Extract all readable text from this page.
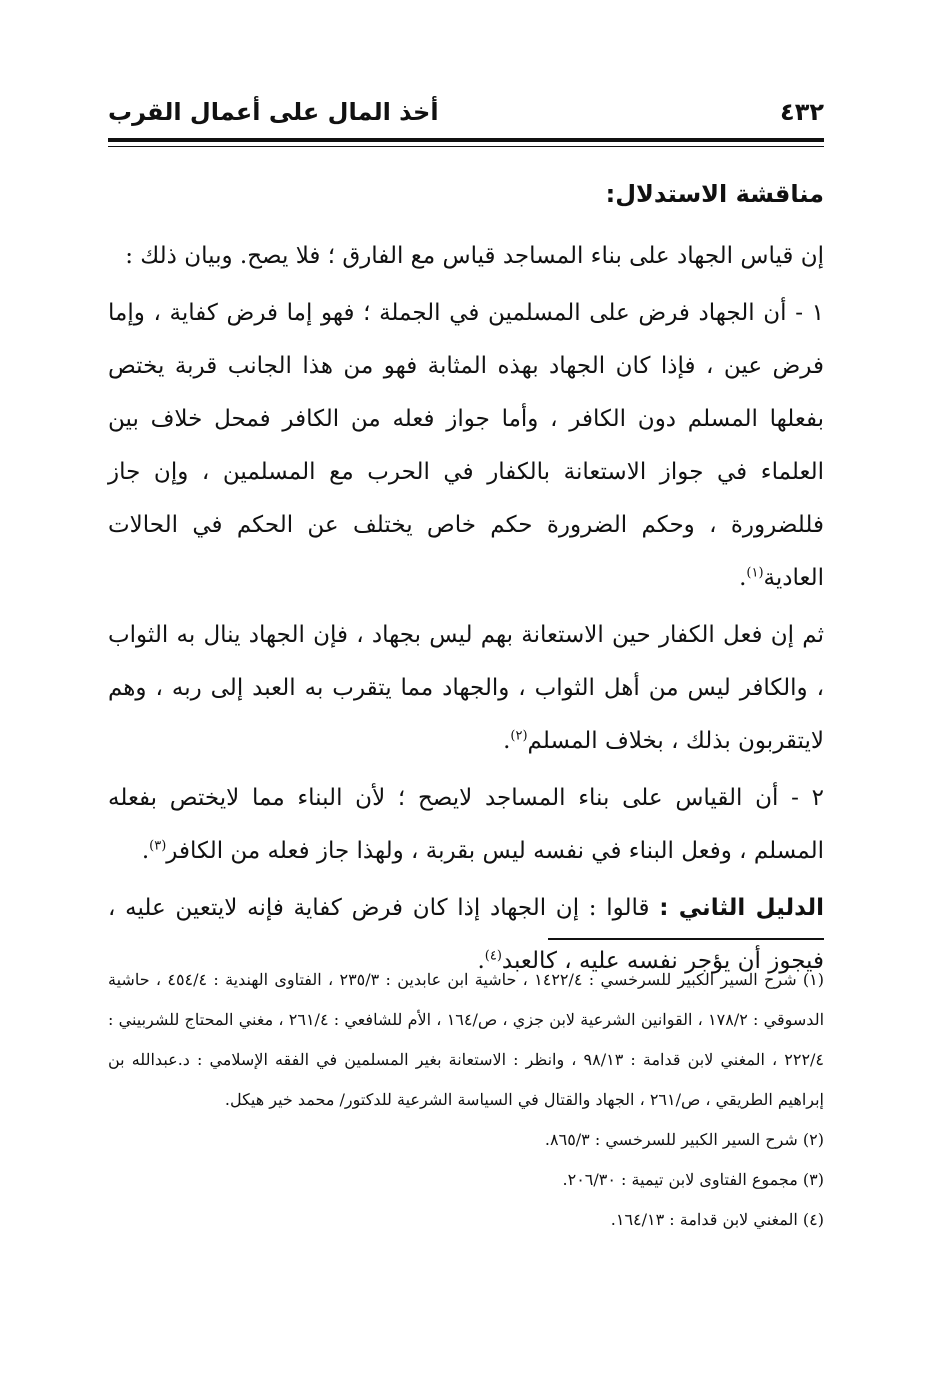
٤٣٢
أخذ المال على أعمال القرب
مناقشة الاستدلال:

إن قياس الجهاد على بناء المساجد قياس مع الفارق ؛ فلا يصح. وبيان ذلك :

١ - أن الجهاد فرض على المسلمين في الجملة ؛ فهو إما فرض كفاية ، وإما فرض عين ، فإذا كان الجهاد بهذه المثابة فهو من هذا الجانب قربة يختص بفعلها المسلم دون الكافر ، وأما جواز فعله من الكافر فمحل خلاف بين العلماء في جواز الاستعانة بالكفار في الحرب مع المسلمين ، وإن جاز فللضرورة ، وحكم الضرورة حكم خاص يختلف عن الحكم في الحالات العادية$^{(١)}$.

ثم إن فعل الكفار حين الاستعانة بهم ليس بجهاد ، فإن الجهاد ينال به الثواب ، والكافر ليس من أهل الثواب ، والجهاد مما يتقرب به العبد إلى ربه ، وهم لايتقربون بذلك ، بخلاف المسلم$^{(٢)}$.

٢ - أن القياس على بناء المساجد لايصح ؛ لأن البناء مما لايختص بفعله المسلم ، وفعل البناء في نفسه ليس بقربة ، ولهذا جاز فعله من الكافر$^{(٣)}$.

الدليل الثاني : قالوا : إن الجهاد إذا كان فرض كفاية فإنه لايتعين عليه ، فيجوز أن يؤجر نفسه عليه ، كالعبد$^{(٤)}$.

(١) شرح السير الكبير للسرخسي : ١٤٢٢/٤ ، حاشية ابن عابدين : ٢٣٥/٣ ، الفتاوى الهندية : ٤٥٤/٤ ، حاشية الدسوقي : ١٧٨/٢ ، القوانين الشرعية لابن جزي ، ص/١٦٤ ، الأم للشافعي : ٢٦١/٤ ، مغني المحتاج للشربيني : ٢٢٢/٤ ، المغني لابن قدامة : ٩٨/١٣ ، وانظر : الاستعانة بغير المسلمين في الفقه الإسلامي : د.عبدالله بن إبراهيم الطريقي ، ص/٢٦١ ، الجهاد والقتال في السياسة الشرعية للدكتور/ محمد خير هيكل.

(٢) شرح السير الكبير للسرخسي : ٨٦٥/٣.

(٣) مجموع الفتاوى لابن تيمية : ٢٠٦/٣٠.

(٤) المغني لابن قدامة : ١٦٤/١٣.
